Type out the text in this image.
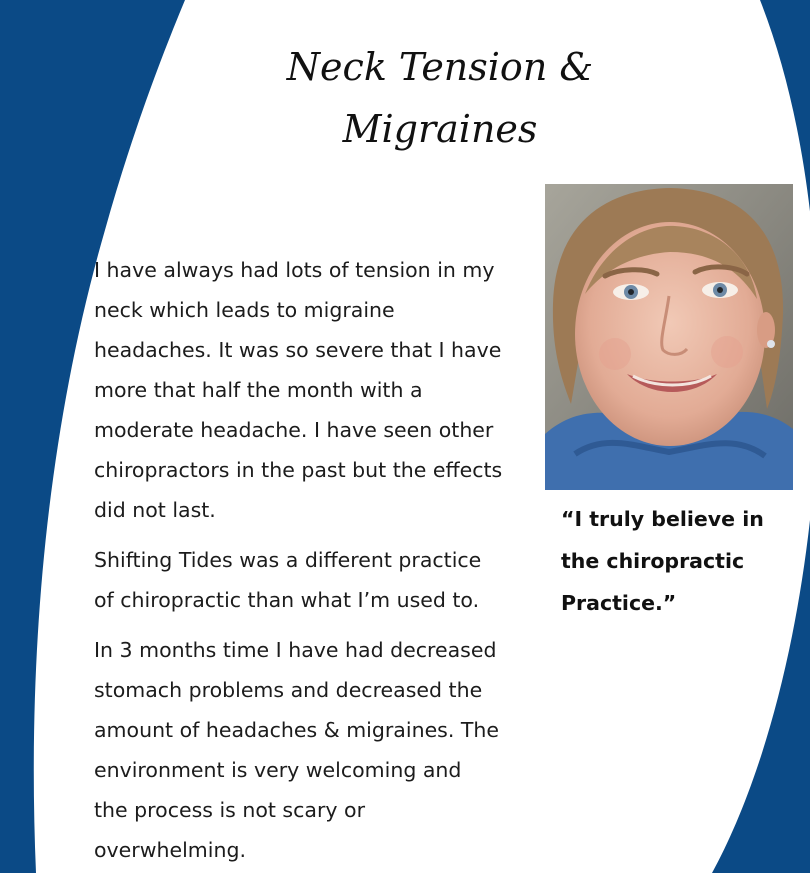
Neck Tension &
Migraines

I have always had lots of tension in my
neck which leads to migraine
headaches. It was so severe that I have
more that half the month with a
moderate headache. I have seen other
chiropractors in the past but the effects
did not last.

Shifting Tides was a different practice
of chiropractic than what I’m used to.

In 3 months time I have had decreased
stomach problems and decreased the
amount of headaches & migraines. The
environment is very welcoming and
the process is not scary or
overwhelming.

“I truly believe in
the chiropractic
Practice.”
